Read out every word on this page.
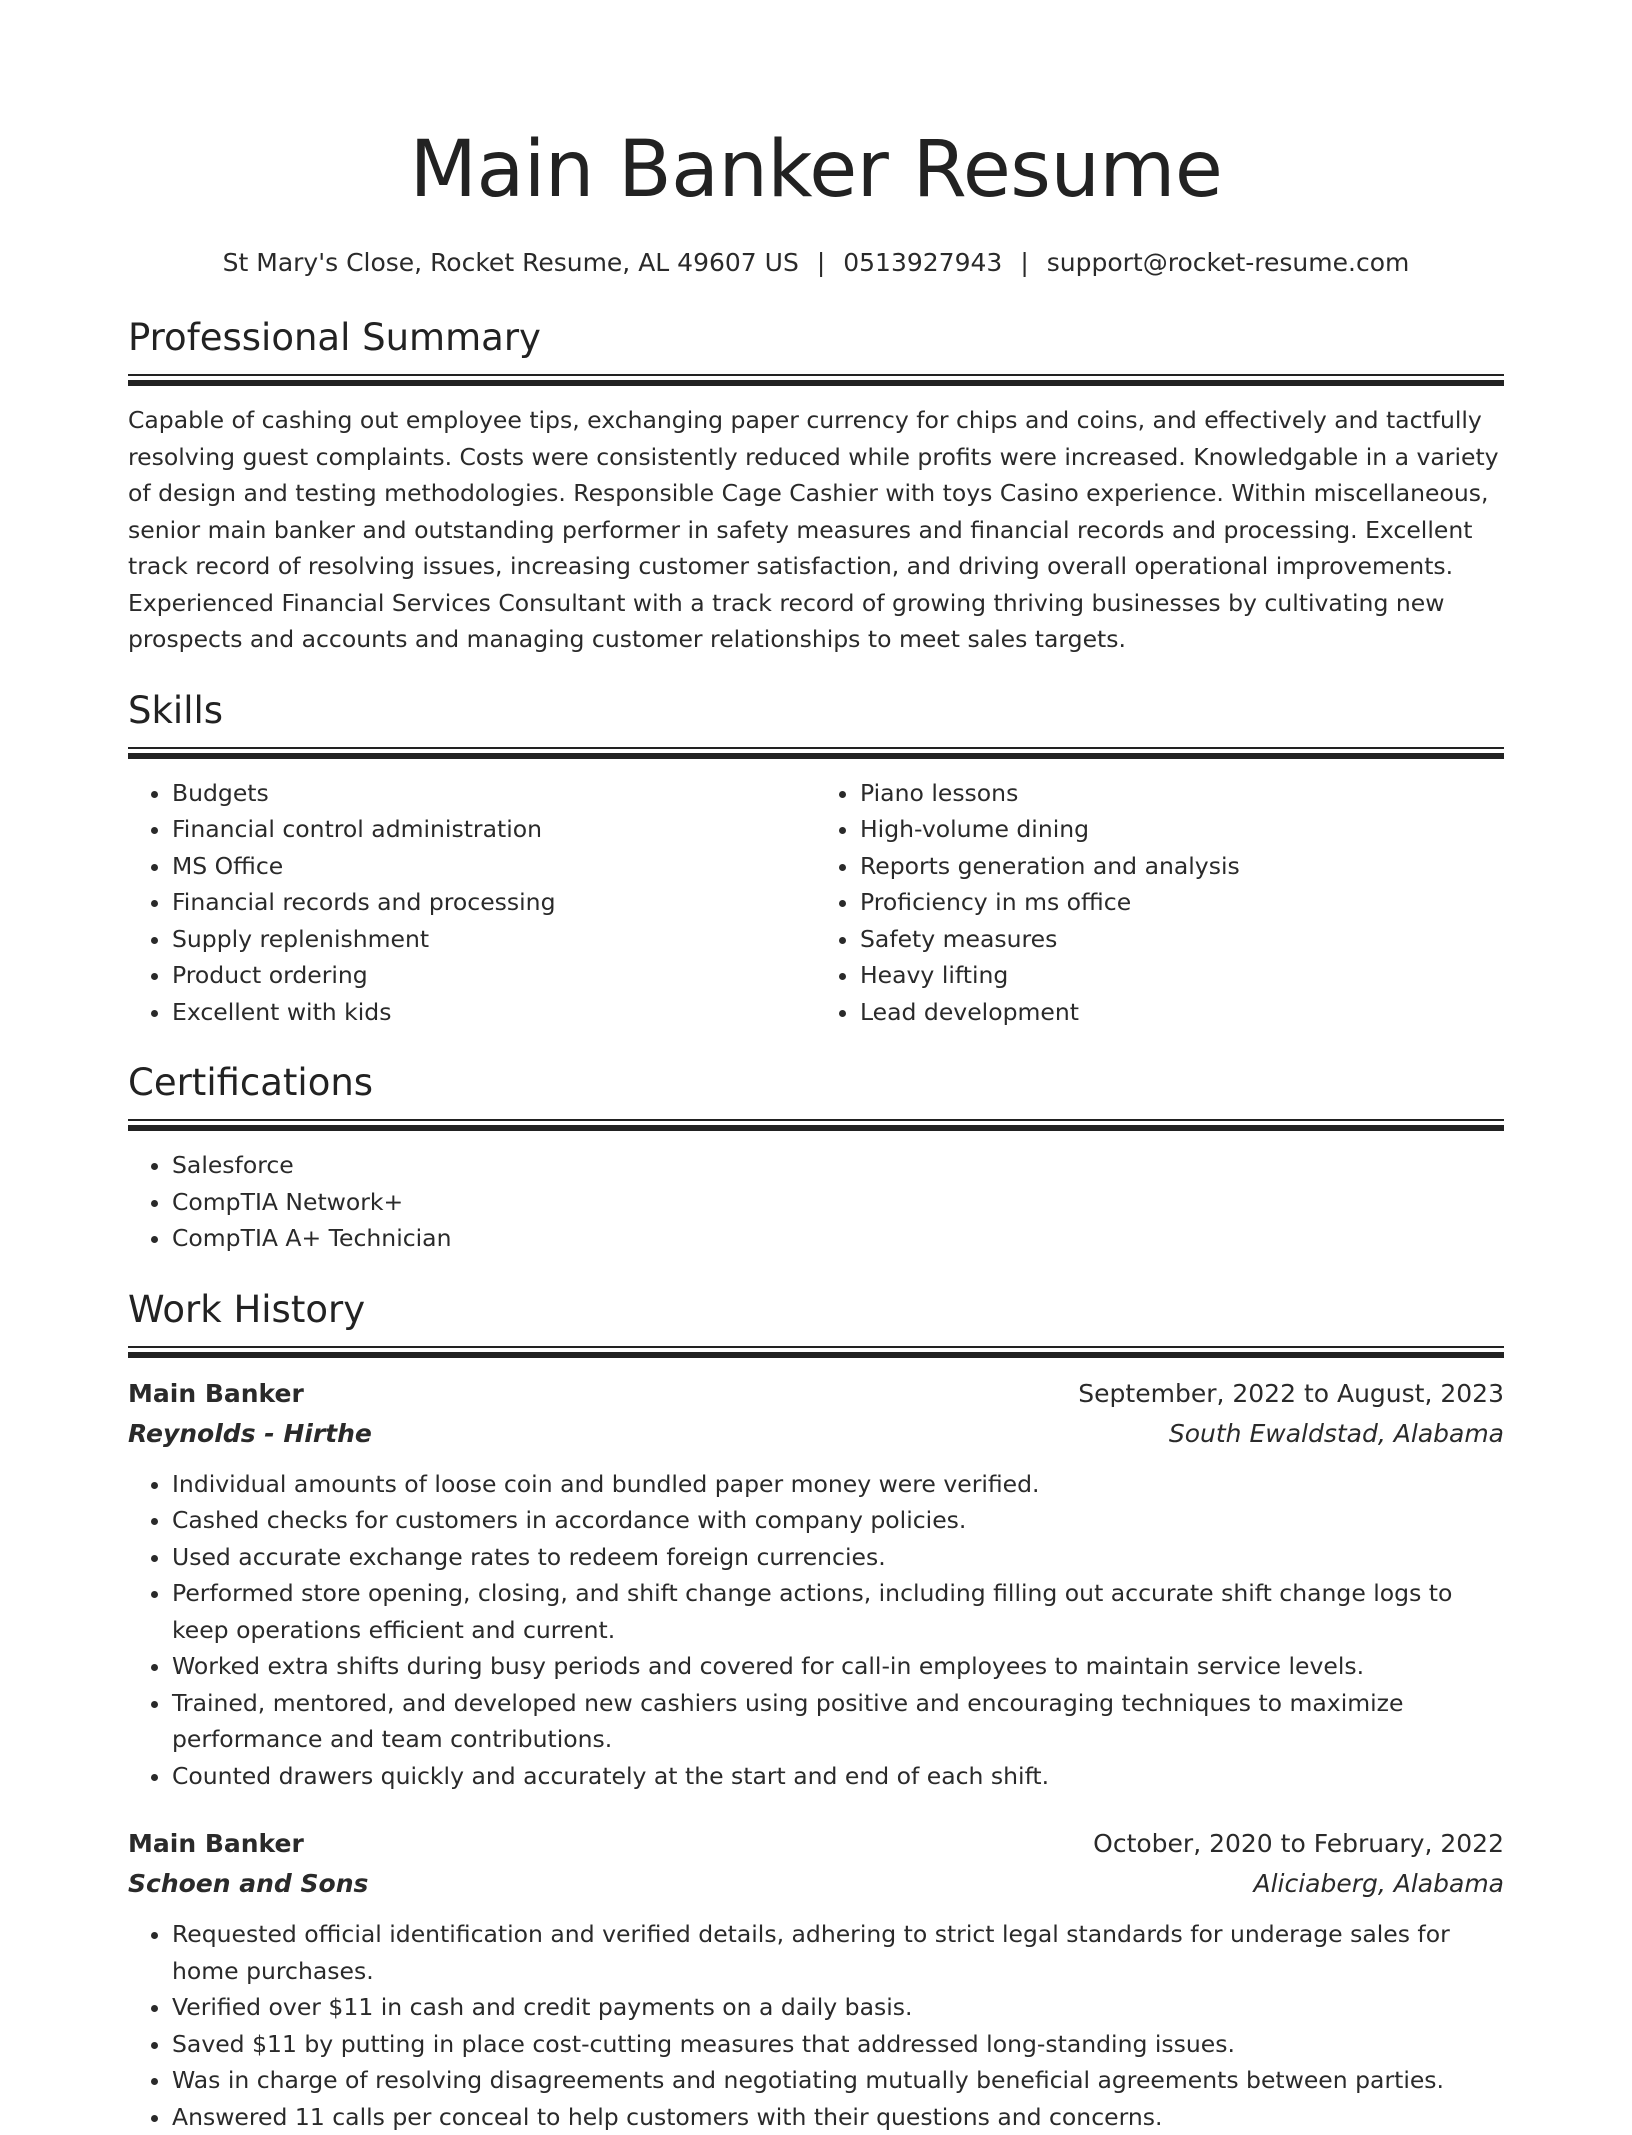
Main Banker Resume
St Mary's Close, Rocket Resume, AL 49607 US | 0513927943 | support@rocket-resume.com
Professional Summary

Capable of cashing out employee tips, exchanging paper currency for chips and coins, and effectively and tactfully resolving guest complaints. Costs were consistently reduced while profits were increased. Knowledgable in a variety of design and testing methodologies. Responsible Cage Cashier with toys Casino experience. Within miscellaneous, senior main banker and outstanding performer in safety measures and financial records and processing. Excellent track record of resolving issues, increasing customer satisfaction, and driving overall operational improvements. Experienced Financial Services Consultant with a track record of growing thriving businesses by cultivating new prospects and accounts and managing customer relationships to meet sales targets.

Skills
• Budgets
• Financial control administration
• MS Office
• Financial records and processing
• Supply replenishment
• Product ordering
• Excellent with kids
• Piano lessons
• High-volume dining
• Reports generation and analysis
• Proficiency in ms office
• Safety measures
• Heavy lifting
• Lead development
Certifications
• Salesforce
• CompTIA Network+
• CompTIA A+ Technician
Work History
Main Banker	September, 2022 to August, 2023
Reynolds - Hirthe	South Ewaldstad, Alabama
• Individual amounts of loose coin and bundled paper money were verified.
• Cashed checks for customers in accordance with company policies.
• Used accurate exchange rates to redeem foreign currencies.
• Performed store opening, closing, and shift change actions, including filling out accurate shift change logs to keep operations efficient and current.
• Worked extra shifts during busy periods and covered for call-in employees to maintain service levels.
• Trained, mentored, and developed new cashiers using positive and encouraging techniques to maximize performance and team contributions.
• Counted drawers quickly and accurately at the start and end of each shift.
Main Banker	October, 2020 to February, 2022
Schoen and Sons	Aliciaberg, Alabama
• Requested official identification and verified details, adhering to strict legal standards for underage sales for home purchases.
• Verified over $11 in cash and credit payments on a daily basis.
• Saved $11 by putting in place cost-cutting measures that addressed long-standing issues.
• Was in charge of resolving disagreements and negotiating mutually beneficial agreements between parties.
• Answered 11 calls per conceal to help customers with their questions and concerns.
